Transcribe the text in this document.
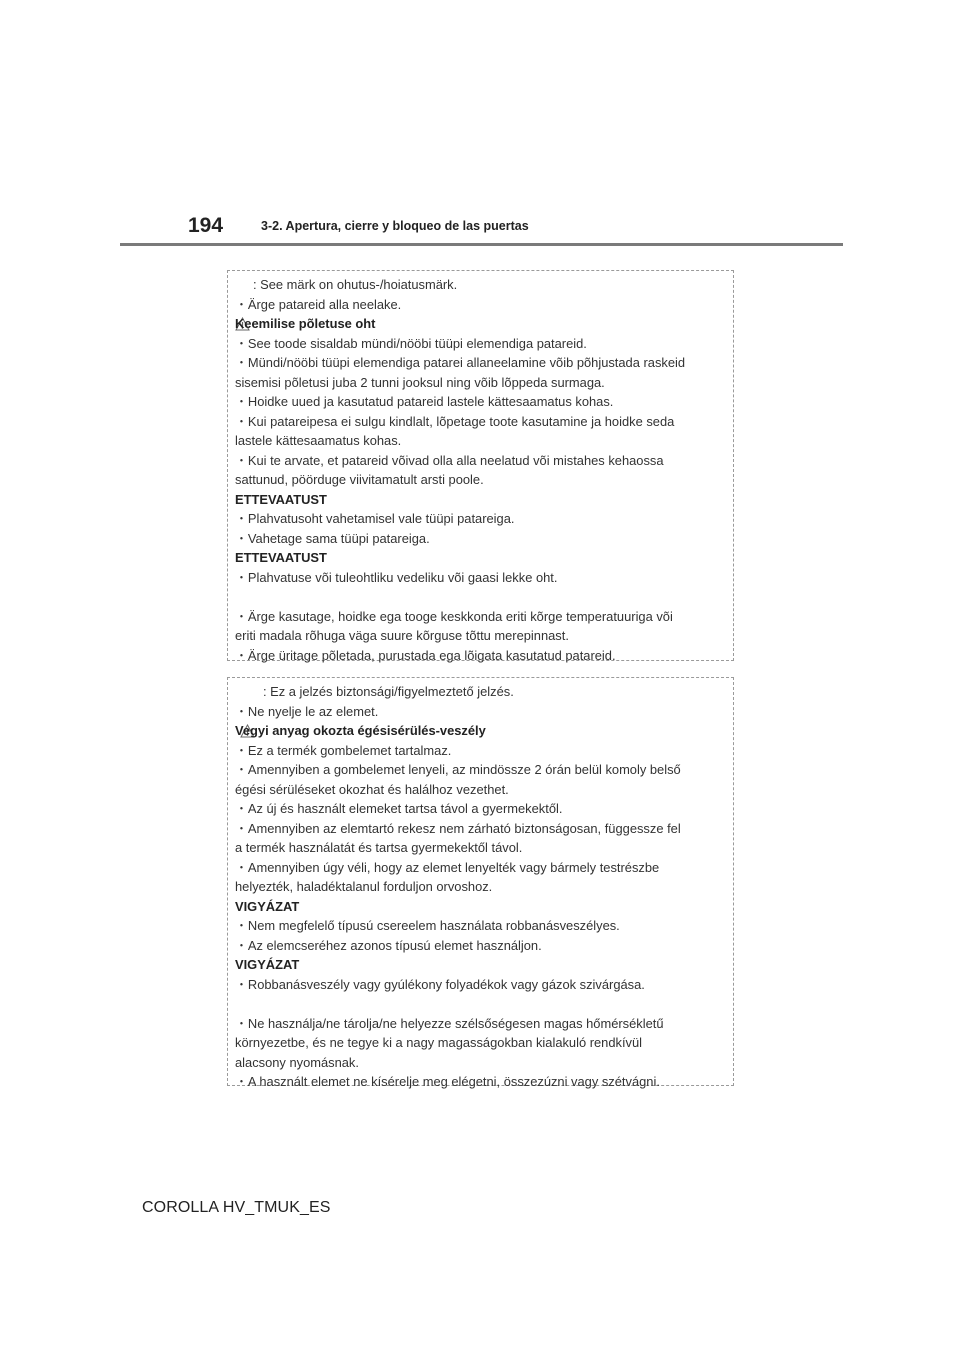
194	3-2. Apertura, cierre y bloqueo de las puertas

: See märk on ohutus-/hoiatusmärk.
・Ärge patareid alla neelake.
Keemilise põletuse oht
・See toode sisaldab mündi/nööbi tüüpi elemendiga patareid.
・Mündi/nööbi tüüpi elemendiga patarei allaneelamine võib põhjustada raskeid
sisemisi põletusi juba 2 tunni jooksul ning võib lõppeda surmaga.
・Hoidke uued ja kasutatud patareid lastele kättesaamatus kohas.
・Kui patareipesa ei sulgu kindlalt, lõpetage toote kasutamine ja hoidke seda
lastele kättesaamatus kohas.
・Kui te arvate, et patareid võivad olla alla neelatud või mistahes kehaossa
sattunud, pöörduge viivitamatult arsti poole.
ETTEVAATUST
・Plahvatusoht vahetamisel vale tüüpi patareiga.
・Vahetage sama tüüpi patareiga.
ETTEVAATUST
・Plahvatuse või tuleohtliku vedeliku või gaasi lekke oht.
・Ärge kasutage, hoidke ega tooge keskkonda eriti kõrge temperatuuriga või
eriti madala rõhuga väga suure kõrguse tõttu merepinnast.
・Ärge üritage põletada, purustada ega lõigata kasutatud patareid.

: Ez a jelzés biztonsági/figyelmeztető jelzés.
・Ne nyelje le az elemet.
Vegyi anyag okozta égésisérülés-veszély
・Ez a termék gombelemet tartalmaz.
・Amennyiben a gombelemet lenyeli, az mindössze 2 órán belül komoly belső
égési sérüléseket okozhat és halálhoz vezethet.
・Az új és használt elemeket tartsa távol a gyermekektől.
・Amennyiben az elemtartó rekesz nem zárható biztonságosan, függessze fel
a termék használatát és tartsa gyermekektől távol.
・Amennyiben úgy véli, hogy az elemet lenyelték vagy bármely testrészbe
helyezték, haladéktalanul forduljon orvoshoz.
VIGYÁZAT
・Nem megfelelő típusú csereelem használata robbanásveszélyes.
・Az elemcseréhez azonos típusú elemet használjon.
VIGYÁZAT
・Robbanásveszély vagy gyúlékony folyadékok vagy gázok szivárgása.
・Ne használja/ne tárolja/ne helyezze szélsőségesen magas hőmérsékletű
környezetbe, és ne tegye ki a nagy magasságokban kialakuló rendkívül
alacsony nyomásnak.
・A használt elemet ne kísérelje meg elégetni, összezúzni vagy szétvágni.
COROLLA HV_TMUK_ES
